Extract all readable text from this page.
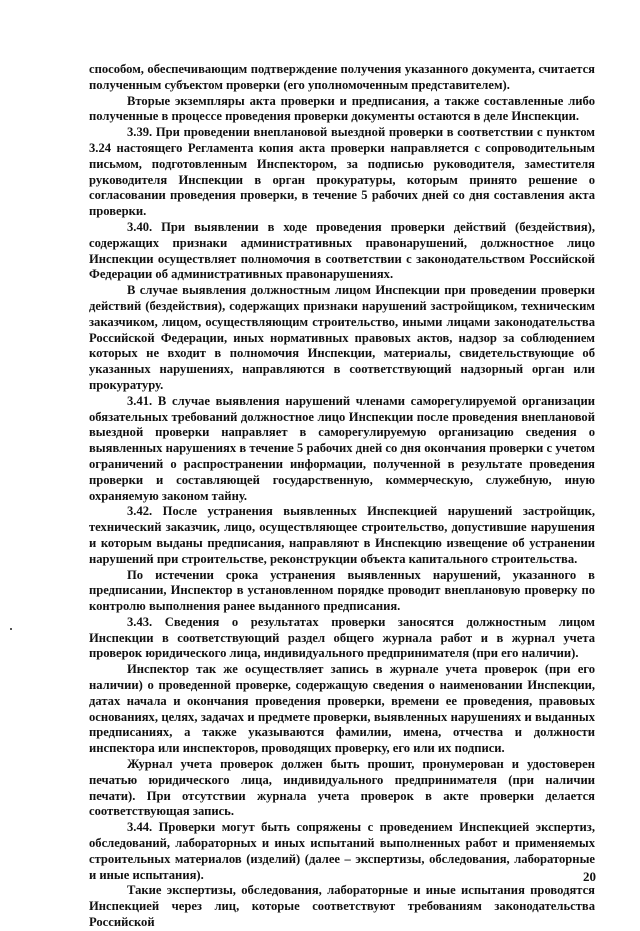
способом, обеспечивающим подтверждение получения указанного документа, считается полученным субъектом проверки (его уполномоченным представителем).

Вторые экземпляры акта проверки и предписания, а также составленные либо полученные в процессе проведения проверки документы остаются в деле Инспекции.

3.39. При проведении внеплановой выездной проверки в соответствии с пунктом 3.24 настоящего Регламента копия акта проверки направляется с сопроводительным письмом, подготовленным Инспектором, за подписью руководителя, заместителя руководителя Инспекции в орган прокуратуры, которым принято решение о согласовании проведения проверки, в течение 5 рабочих дней со дня составления акта проверки.

3.40. При выявлении в ходе проведения проверки действий (бездействия), содержащих признаки административных правонарушений, должностное лицо Инспекции осуществляет полномочия в соответствии с законодательством Российской Федерации об административных правонарушениях.

В случае выявления должностным лицом Инспекции при проведении проверки действий (бездействия), содержащих признаки нарушений застройщиком, техническим заказчиком, лицом, осуществляющим строительство, иными лицами законодательства Российской Федерации, иных нормативных правовых актов, надзор за соблюдением которых не входит в полномочия Инспекции, материалы, свидетельствующие об указанных нарушениях, направляются в соответствующий надзорный орган или прокуратуру.

3.41. В случае выявления нарушений членами саморегулируемой организации обязательных требований должностное лицо Инспекции после проведения внеплановой выездной проверки направляет в саморегулируемую организацию сведения о выявленных нарушениях в течение 5 рабочих дней со дня окончания проверки с учетом ограничений о распространении информации, полученной в результате проведения проверки и составляющей государственную, коммерческую, служебную, иную охраняемую законом тайну.

3.42. После устранения выявленных Инспекцией нарушений застройщик, технический заказчик, лицо, осуществляющее строительство, допустившие нарушения и которым выданы предписания, направляют в Инспекцию извещение об устранении нарушений при строительстве, реконструкции объекта капитального строительства.

По истечении срока устранения выявленных нарушений, указанного в предписании, Инспектор в установленном порядке проводит внеплановую проверку по контролю выполнения ранее выданного предписания.

3.43. Сведения о результатах проверки заносятся должностным лицом Инспекции в соответствующий раздел общего журнала работ и в журнал учета проверок юридического лица, индивидуального предпринимателя (при его наличии).

Инспектор так же осуществляет запись в журнале учета проверок (при его наличии) о проведенной проверке, содержащую сведения о наименовании Инспекции, датах начала и окончания проведения проверки, времени ее проведения, правовых основаниях, целях, задачах и предмете проверки, выявленных нарушениях и выданных предписаниях, а также указываются фамилии, имена, отчества и должности инспектора или инспекторов, проводящих проверку, его или их подписи.

Журнал учета проверок должен быть прошит, пронумерован и удостоверен печатью юридического лица, индивидуального предпринимателя (при наличии печати). При отсутствии журнала учета проверок в акте проверки делается соответствующая запись.

3.44. Проверки могут быть сопряжены с проведением Инспекцией экспертиз, обследований, лабораторных и иных испытаний выполненных работ и применяемых строительных материалов (изделий) (далее – экспертизы, обследования, лабораторные и иные испытания).

Такие экспертизы, обследования, лабораторные и иные испытания проводятся Инспекцией через лиц, которые соответствуют требованиям законодательства Российской

20
